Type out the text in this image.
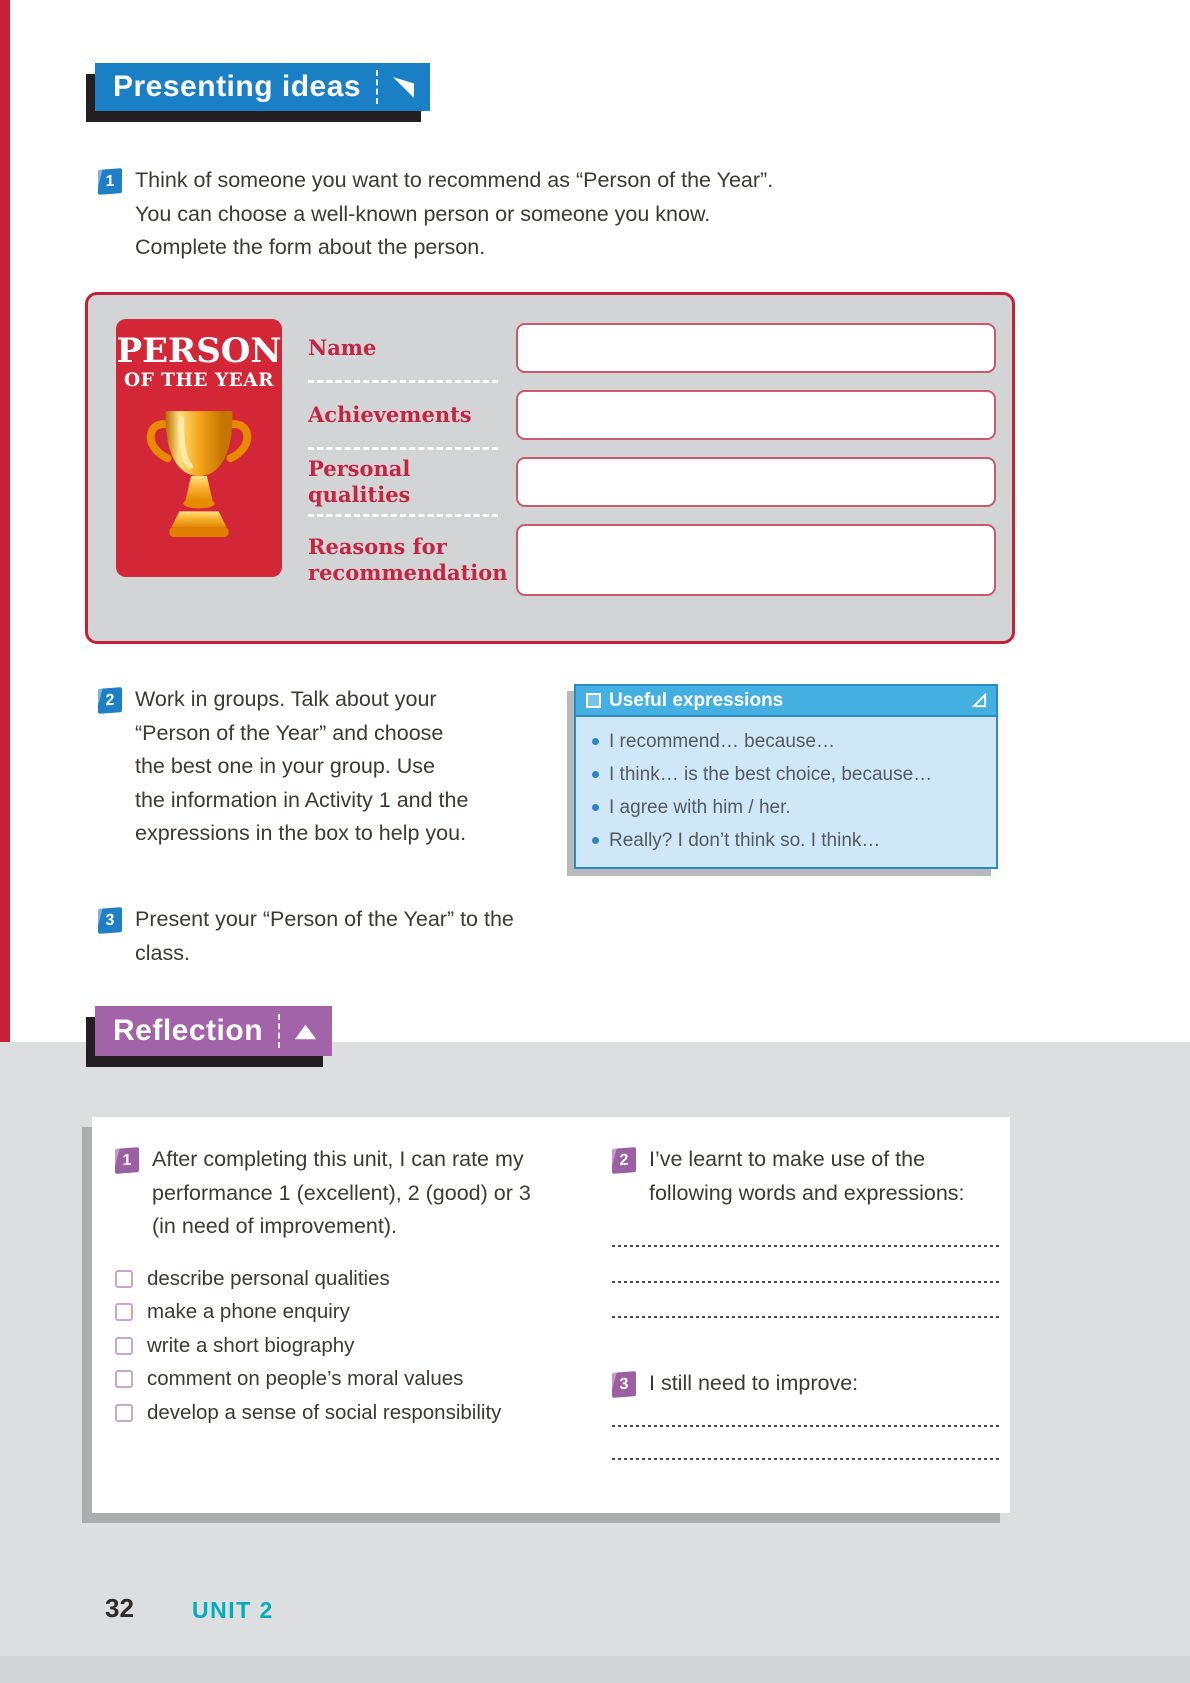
Presenting ideas
1 Think of someone you want to recommend as “Person of the Year”. You can choose a well-known person or someone you know. Complete the form about the person.
PERSON
OF THE YEAR
Name
Achievements
Personal qualities
Reasons for recommendation
2 Work in groups. Talk about your “Person of the Year” and choose the best one in your group. Use the information in Activity 1 and the expressions in the box to help you.
Useful expressions
I recommend… because…
I think… is the best choice, because…
I agree with him / her.
Really? I don’t think so. I think…
3 Present your “Person of the Year” to the class.
Reflection
1 After completing this unit, I can rate my performance 1 (excellent), 2 (good) or 3 (in need of improvement).
describe personal qualities
make a phone enquiry
write a short biography
comment on people’s moral values
develop a sense of social responsibility
2 I’ve learnt to make use of the following words and expressions:
3 I still need to improve:
32	UNIT 2
